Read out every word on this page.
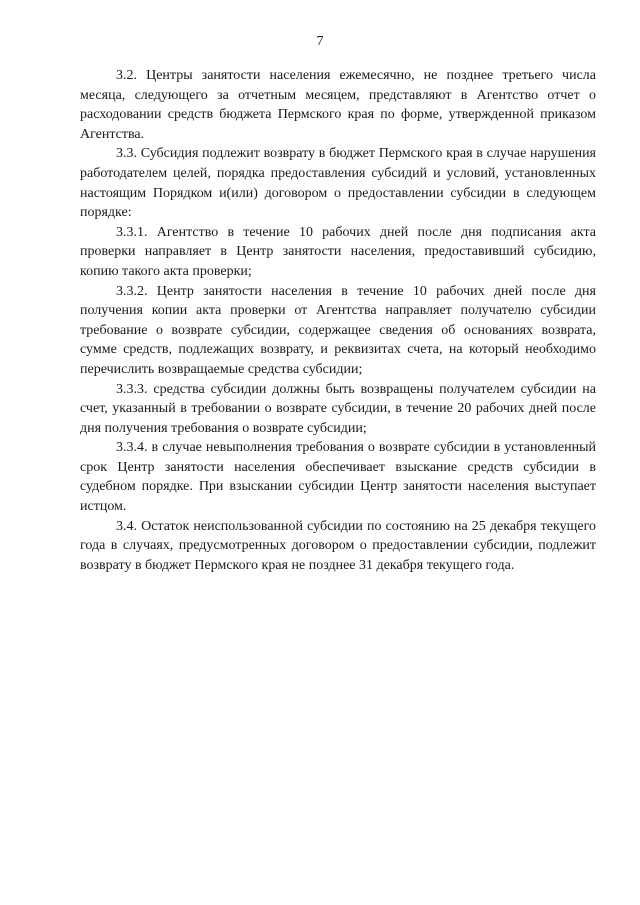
7

3.2. Центры занятости населения ежемесячно, не позднее третьего числа месяца, следующего за отчетным месяцем, представляют в Агентство отчет о расходовании средств бюджета Пермского края по форме, утвержденной приказом Агентства.

3.3. Субсидия подлежит возврату в бюджет Пермского края в случае нарушения работодателем целей, порядка предоставления субсидий и условий, установленных настоящим Порядком и(или) договором о предоставлении субсидии в следующем порядке:

3.3.1. Агентство в течение 10 рабочих дней после дня подписания акта проверки направляет в Центр занятости населения, предоставивший субсидию, копию такого акта проверки;

3.3.2. Центр занятости населения в течение 10 рабочих дней после дня получения копии акта проверки от Агентства направляет получателю субсидии требование о возврате субсидии, содержащее сведения об основаниях возврата, сумме средств, подлежащих возврату, и реквизитах счета, на который необходимо перечислить возвращаемые средства субсидии;

3.3.3. средства субсидии должны быть возвращены получателем субсидии на счет, указанный в требовании о возврате субсидии, в течение 20 рабочих дней после дня получения требования о возврате субсидии;

3.3.4. в случае невыполнения требования о возврате субсидии в установленный срок Центр занятости населения обеспечивает взыскание средств субсидии в судебном порядке. При взыскании субсидии Центр занятости населения выступает истцом.

3.4. Остаток неиспользованной субсидии по состоянию на 25 декабря текущего года в случаях, предусмотренных договором о предоставлении субсидии, подлежит возврату в бюджет Пермского края не позднее 31 декабря текущего года.
